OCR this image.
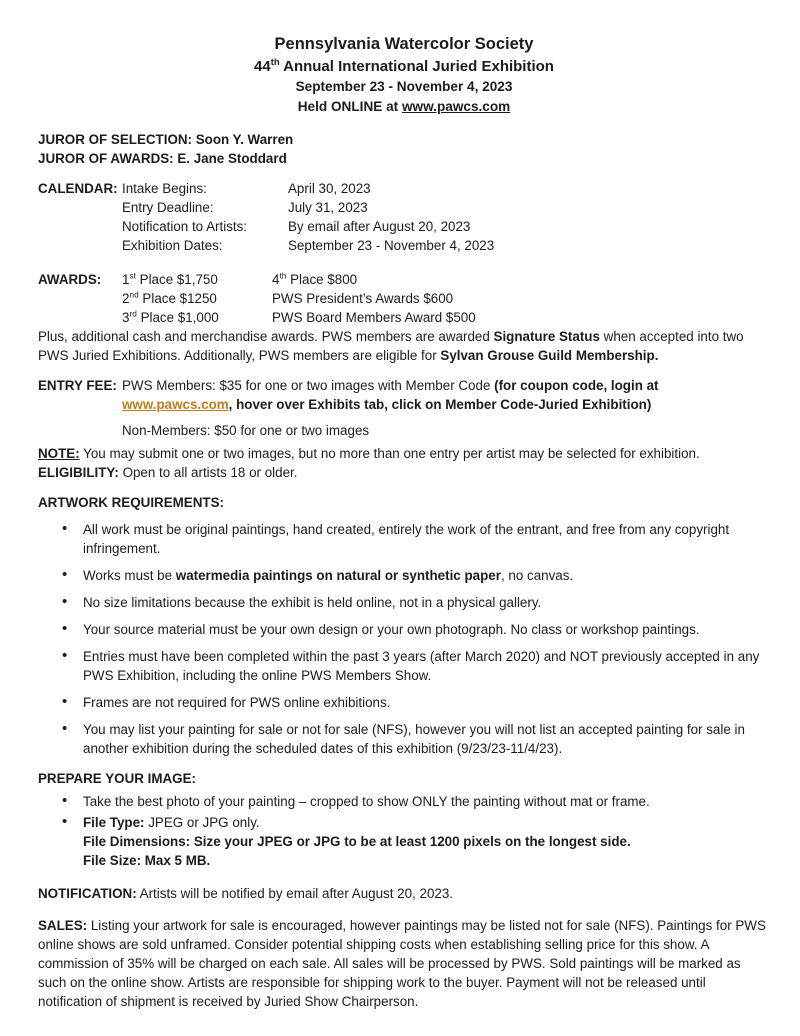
Pennsylvania Watercolor Society
44th Annual International Juried Exhibition
September 23 - November 4, 2023
Held ONLINE at www.pawcs.com
JUROR OF SELECTION: Soon Y. Warren
JUROR OF AWARDS: E. Jane Stoddard
CALENDAR: Intake Begins:	April 30, 2023
Entry Deadline:	July 31, 2023
Notification to Artists:	By email after August 20, 2023
Exhibition Dates:	September 23 - November 4, 2023
AWARDS:	1st Place $1,750	4th Place $800
2nd Place $1250	PWS President’s Awards $600
3rd Place $1,000	PWS Board Members Award $500

Plus, additional cash and merchandise awards. PWS members are awarded Signature Status when accepted into two PWS Juried Exhibitions. Additionally, PWS members are eligible for Sylvan Grouse Guild Membership.

ENTRY FEE: PWS Members: $35 for one or two images with Member Code (for coupon code, login at
www.pawcs.com, hover over Exhibits tab, click on Member Code-Juried Exhibition)

Non-Members: $50 for one or two images

NOTE: You may submit one or two images, but no more than one entry per artist may be selected for exhibition.

ELIGIBILITY: Open to all artists 18 or older.

ARTWORK REQUIREMENTS:
• All work must be original paintings, hand created, entirely the work of the entrant, and free from any copyright infringement.
• Works must be watermedia paintings on natural or synthetic paper, no canvas.
• No size limitations because the exhibit is held online, not in a physical gallery.
• Your source material must be your own design or your own photograph. No class or workshop paintings.
• Entries must have been completed within the past 3 years (after March 2020) and NOT previously accepted in any PWS Exhibition, including the online PWS Members Show.
• Frames are not required for PWS online exhibitions.
• You may list your painting for sale or not for sale (NFS), however you will not list an accepted painting for sale in another exhibition during the scheduled dates of this exhibition (9/23/23-11/4/23).
PREPARE YOUR IMAGE:
• Take the best photo of your painting – cropped to show ONLY the painting without mat or frame.
• File Type: JPEG or JPG only.
File Dimensions: Size your JPEG or JPG to be at least 1200 pixels on the longest side.
File Size: Max 5 MB.

NOTIFICATION: Artists will be notified by email after August 20, 2023.

SALES: Listing your artwork for sale is encouraged, however paintings may be listed not for sale (NFS). Paintings for PWS online shows are sold unframed. Consider potential shipping costs when establishing selling price for this show. A commission of 35% will be charged on each sale. All sales will be processed by PWS. Sold paintings will be marked as such on the online show. Artists are responsible for shipping work to the buyer. Payment will not be released until notification of shipment is received by Juried Show Chairperson.
